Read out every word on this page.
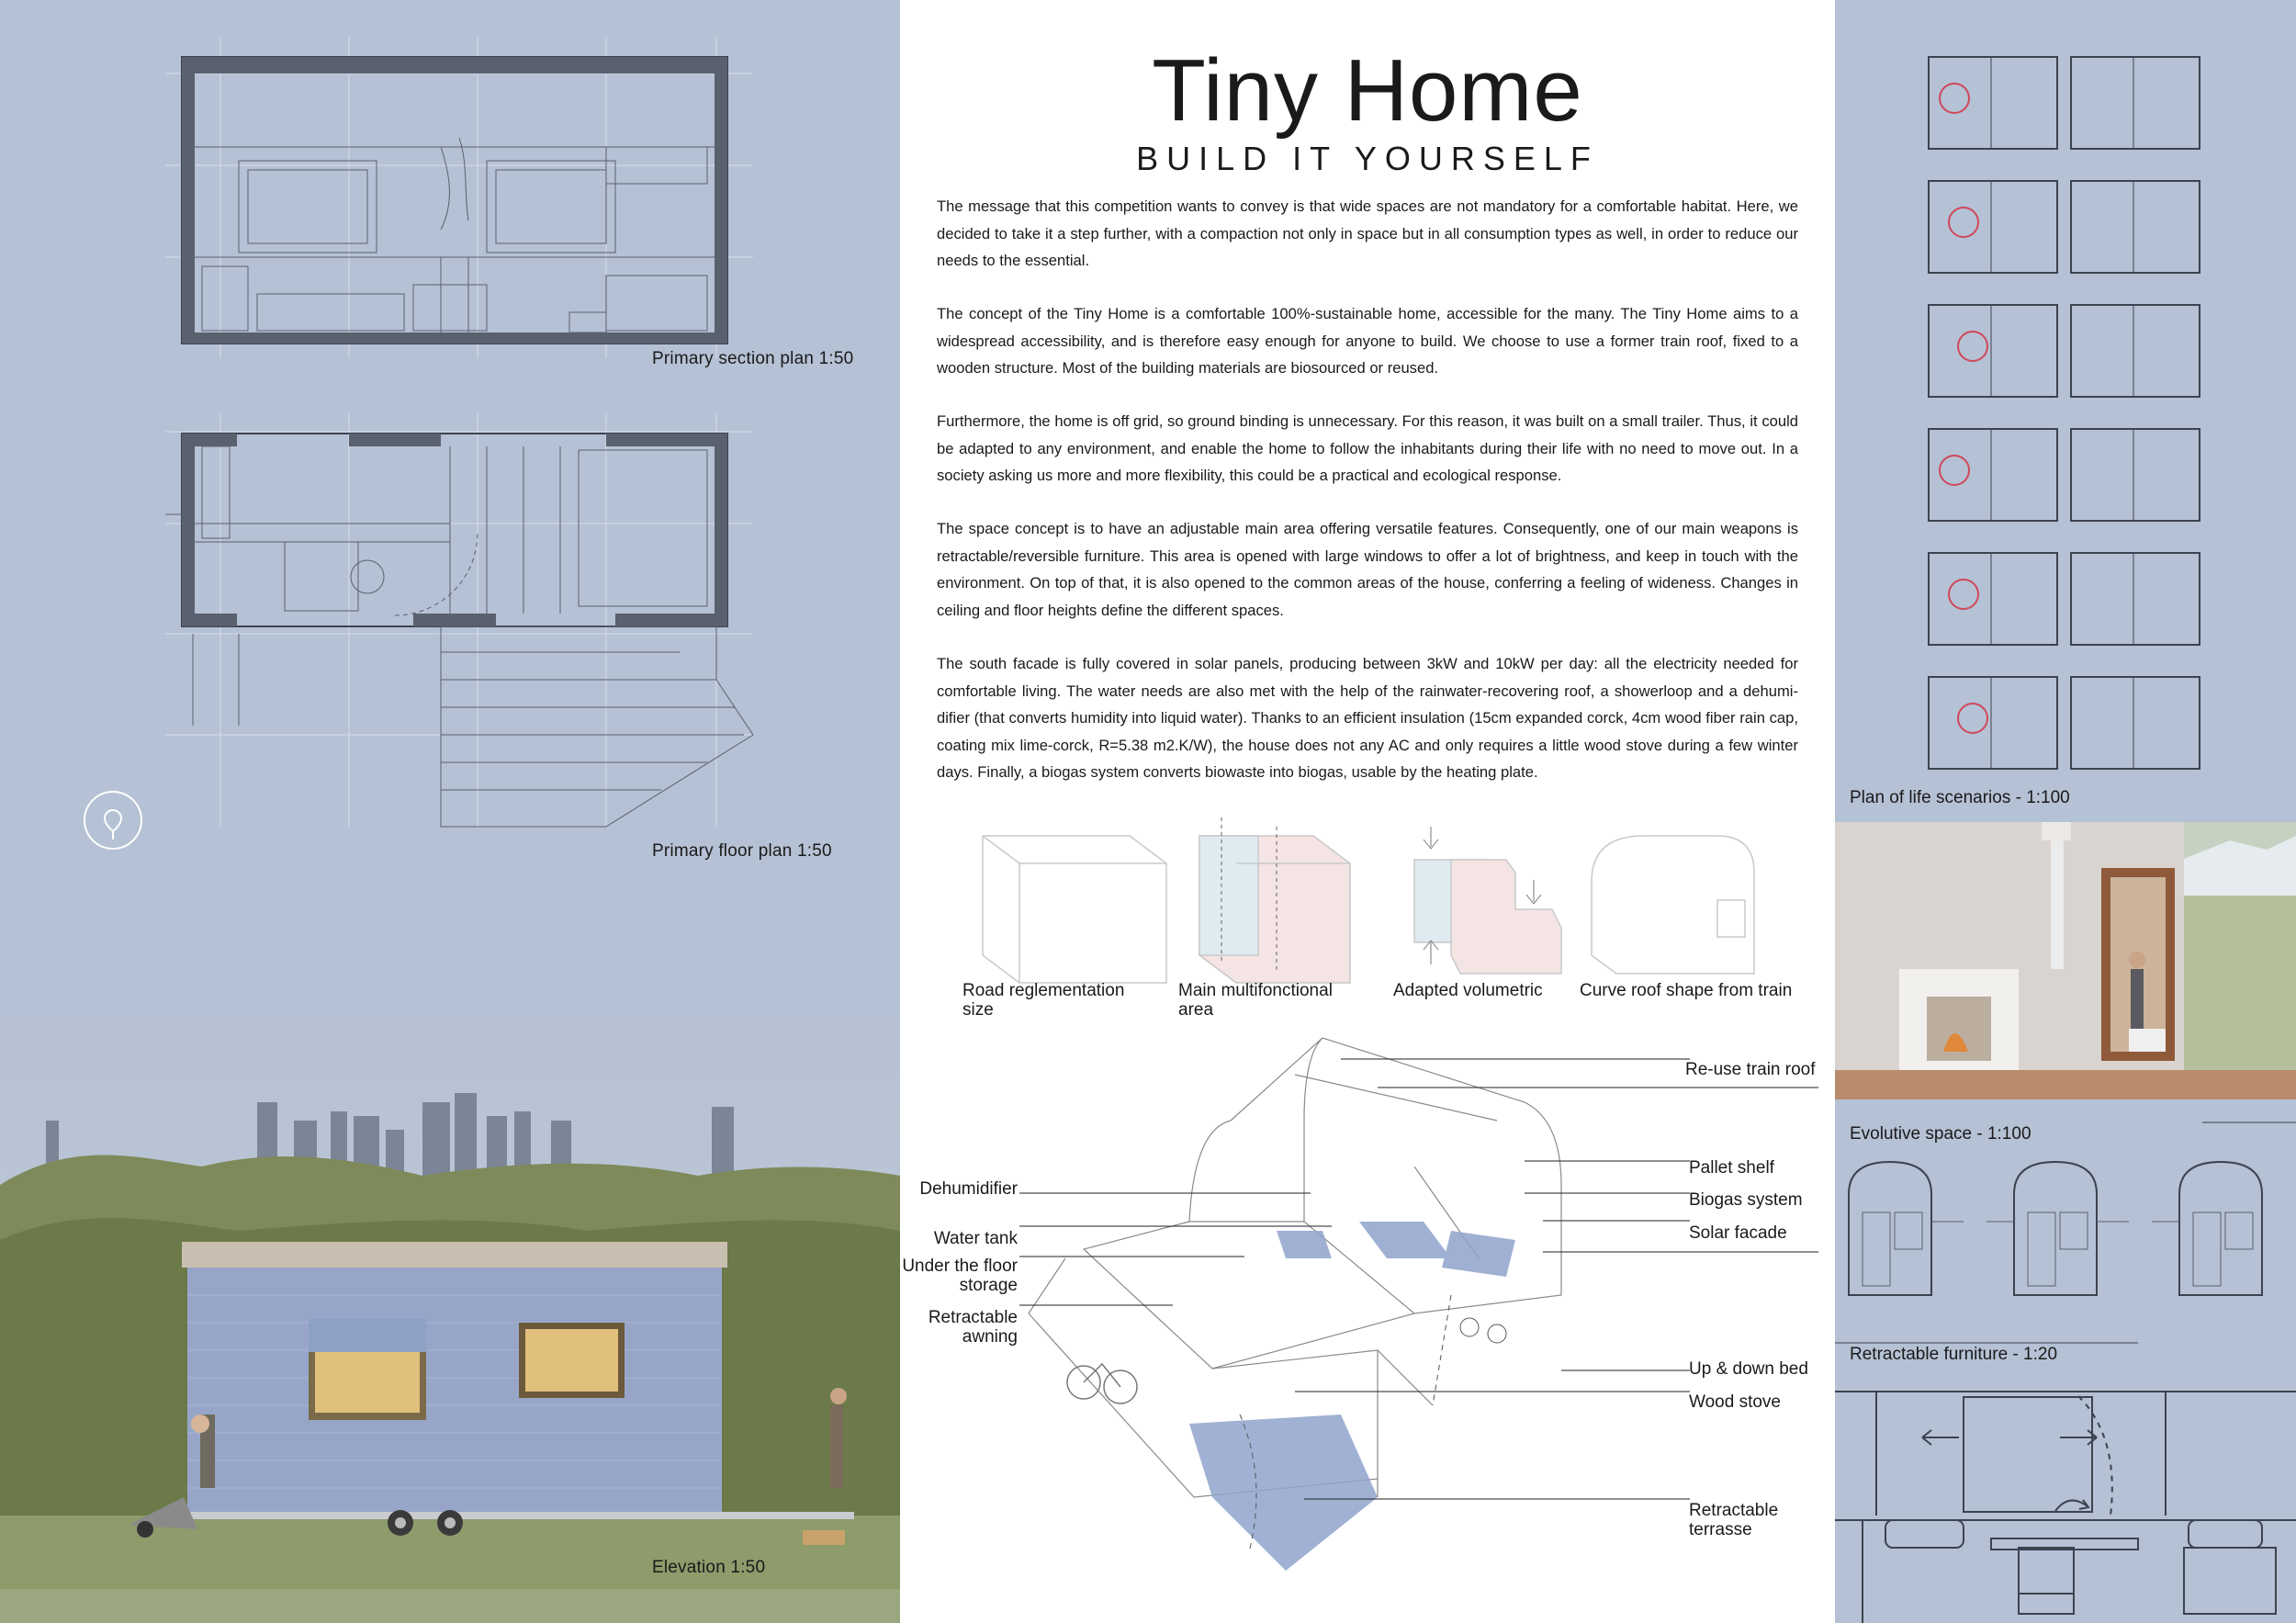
Primary section plan 1:50
Primary floor plan 1:50
Elevation 1:50
Tiny Home
BUILD IT YOURSELF

The message that this competition wants to convey is that wide spaces are not mandatory for a comfortable habitat. Here, we decided to take it a step further, with a compaction not only in space but in all consumption types as well, in order to reduce our needs to the essential.

The concept of the Tiny Home is a comfortable 100%-sustainable home, accessible for the many. The Tiny Home aims to a widespread accessibility, and is therefore easy enough for anyone to build. We choose to use a former train roof, fixed to a wooden structure. Most of the building materials are biosourced or reused.

Furthermore, the home is off grid, so ground binding is unnecessary. For this reason, it was built on a small trailer. Thus, it could be adapted to any environment, and enable the home to follow the inhabitants during their life with no need to move out. In a society asking us more and more flexibility, this could be a practical and ecological response.

The space concept is to have an adjustable main area offering versatile features. Consequently, one of our main weapons is retractable/reversible furniture. This area is opened with large windows to offer a lot of brightness, and keep in touch with the environment. On top of that, it is also opened to the common areas of the house, conferring a feeling of wideness. Changes in ceiling and floor heights define the different spaces.

The south facade is fully covered in solar panels, producing between 3kW and 10kW per day: all the electricity needed for comfortable living. The water needs are also met with the help of the rainwater-recovering roof, a showerloop and a dehumi-difier (that converts humidity into liquid water). Thanks to an efficient insulation (15cm expanded corck, 4cm wood fiber rain cap, coating mix lime-corck, R=5.38 m2.K/W), the house does not any AC and only requires a little wood stove during a few winter days. Finally, a biogas system converts biowaste into biogas, usable by the heating plate.

Road reglementation size
Main multifonctional area
Adapted volumetric	Curve roof shape from train
Dehumidifier
Water tank
Under the floor storage
Retractable awning
Re-use train roof
Pallet shelf
Biogas system
Solar facade
Up & down bed
Wood stove
Retractable terrasse
Plan of life scenarios - 1:100
Evolutive space - 1:100
Retractable furniture - 1:20
